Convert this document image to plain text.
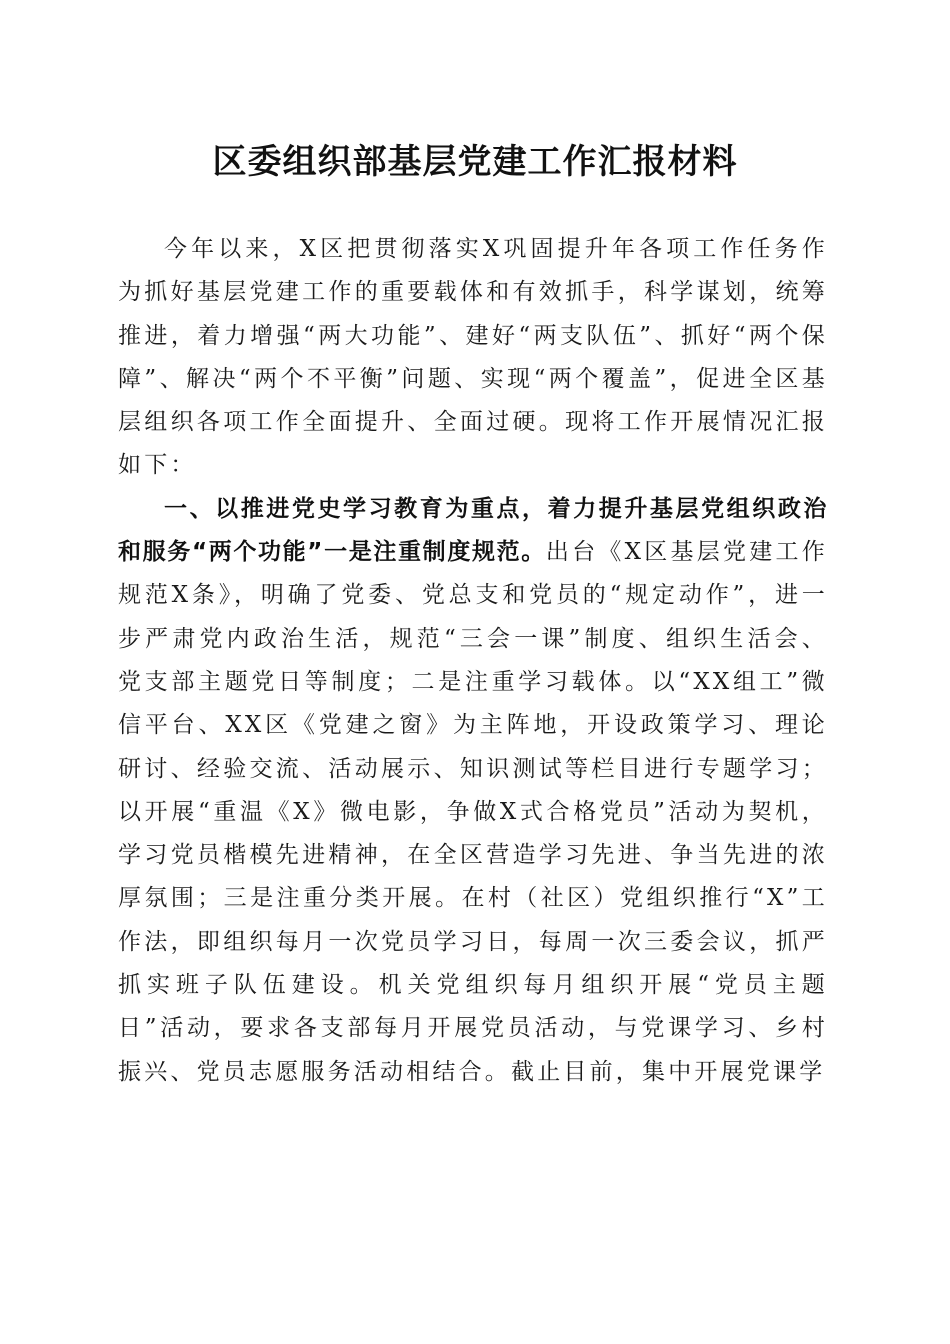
区委组织部基层党建工作汇报材料

今年以来，X区把贯彻落实X巩固提升年各项工作任务作为抓好基层党建工作的重要载体和有效抓手，科学谋划，统筹推进，着力增强“两大功能”、建好“两支队伍”、抓好“两个保障”、解决“两个不平衡”问题、实现“两个覆盖”，促进全区基层组织各项工作全面提升、全面过硬。现将工作开展情况汇报如下：

一、以推进党史学习教育为重点，着力提升基层党组织政治和服务“两个功能”一是注重制度规范。出台《X区基层党建工作规范X条》，明确了党委、党总支和党员的“规定动作”，进一步严肃党内政治生活，规范“三会一课”制度、组织生活会、党支部主题党日等制度；二是注重学习载体。以“XX组工”微信平台、XX区《党建之窗》为主阵地，开设政策学习、理论研讨、经验交流、活动展示、知识测试等栏目进行专题学习；以开展“重温《X》微电影，争做X式合格党员”活动为契机，学习党员楷模先进精神，在全区营造学习先进、争当先进的浓厚氛围；三是注重分类开展。在村（社区）党组织推行“X”工作法，即组织每月一次党员学习日，每周一次三委会议，抓严抓实班子队伍建设。机关党组织每月组织开展“党员主题日”活动，要求各支部每月开展党员活动，与党课学习、乡村振兴、党员志愿服务活动相结合。截止目前，集中开展党课学
